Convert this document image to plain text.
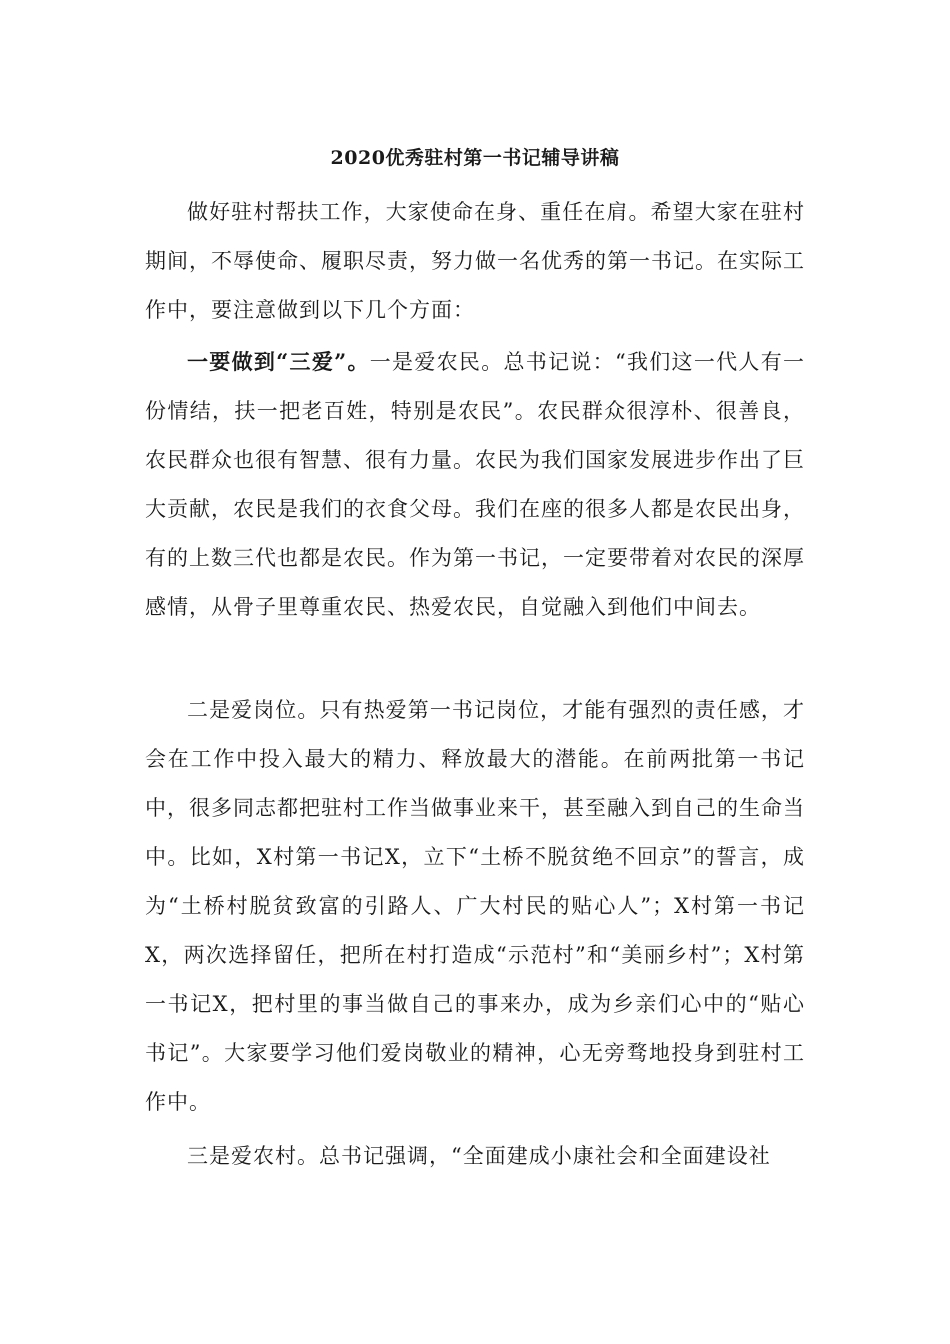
2020优秀驻村第一书记辅导讲稿

做好驻村帮扶工作，大家使命在身、重任在肩。希望大家在驻村期间，不辱使命、履职尽责，努力做一名优秀的第一书记。在实际工作中，要注意做到以下几个方面：

一要做到“三爱”。一是爱农民。总书记说：“我们这一代人有一份情结，扶一把老百姓，特别是农民”。农民群众很淳朴、很善良，农民群众也很有智慧、很有力量。农民为我们国家发展进步作出了巨大贡献，农民是我们的衣食父母。我们在座的很多人都是农民出身，有的上数三代也都是农民。作为第一书记，一定要带着对农民的深厚感情，从骨子里尊重农民、热爱农民，自觉融入到他们中间去。

二是爱岗位。只有热爱第一书记岗位，才能有强烈的责任感，才会在工作中投入最大的精力、释放最大的潜能。在前两批第一书记中，很多同志都把驻村工作当做事业来干，甚至融入到自己的生命当中。比如，X村第一书记X，立下“土桥不脱贫绝不回京”的誓言，成为“土桥村脱贫致富的引路人、广大村民的贴心人”；X村第一书记X，两次选择留任，把所在村打造成“示范村”和“美丽乡村”；X村第一书记X，把村里的事当做自己的事来办，成为乡亲们心中的“贴心书记”。大家要学习他们爱岗敬业的精神，心无旁骛地投身到驻村工作中。

三是爱农村。总书记强调，“全面建成小康社会和全面建设社
